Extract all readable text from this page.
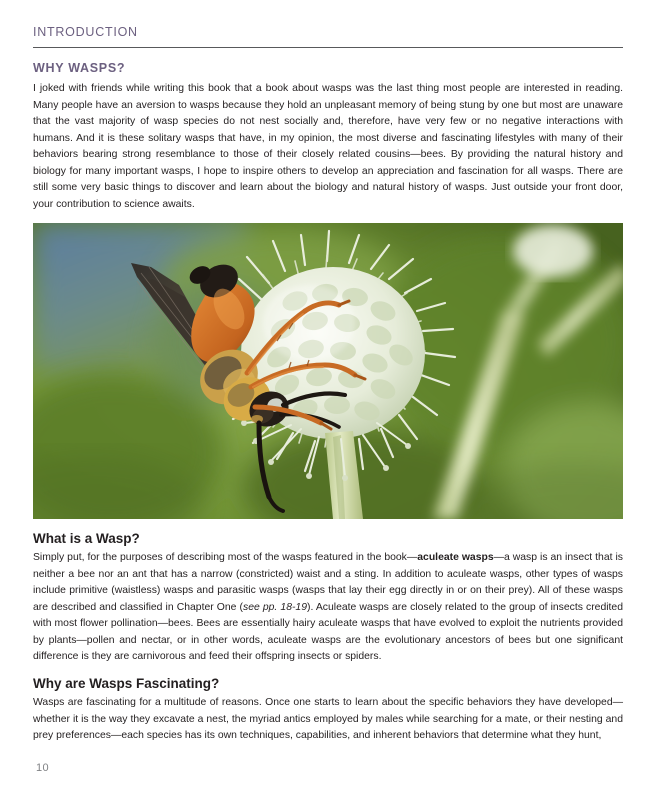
INTRODUCTION
WHY WASPS?

I joked with friends while writing this book that a book about wasps was the last thing most people are interested in reading. Many people have an aversion to wasps because they hold an unpleasant memory of being stung by one but most are unaware that the vast majority of wasp species do not nest socially and, therefore, have very few or no negative interactions with humans. And it is these solitary wasps that have, in my opinion, the most diverse and fascinating lifestyles with many of their behaviors bearing strong resemblance to those of their closely related cousins—bees. By providing the natural history and biology for many important wasps, I hope to inspire others to develop an appreciation and fascination for all wasps. There are still some very basic things to discover and learn about the biology and natural history of wasps. Just outside your front door, your contribution to science awaits.

What is a Wasp?

Simply put, for the purposes of describing most of the wasps featured in the book—aculeate wasps—a wasp is an insect that is neither a bee nor an ant that has a narrow (constricted) waist and a sting. In addition to aculeate wasps, other types of wasps include primitive (waistless) wasps and parasitic wasps (wasps that lay their egg directly in or on their prey). All of these wasps are described and classified in Chapter One (see pp. 18-19). Aculeate wasps are closely related to the group of insects credited with most flower pollination—bees. Bees are essentially hairy aculeate wasps that have evolved to exploit the nutrients provided by plants—pollen and nectar, or in other words, aculeate wasps are the evolutionary ancestors of bees but one significant difference is they are carnivorous and feed their offspring insects or spiders.

Why are Wasps Fascinating?

Wasps are fascinating for a multitude of reasons. Once one starts to learn about the specific behaviors they have developed—whether it is the way they excavate a nest, the myriad antics employed by males while searching for a mate, or their nesting and prey preferences—each species has its own techniques, capabilities, and inherent behaviors that determine what they hunt,

10
